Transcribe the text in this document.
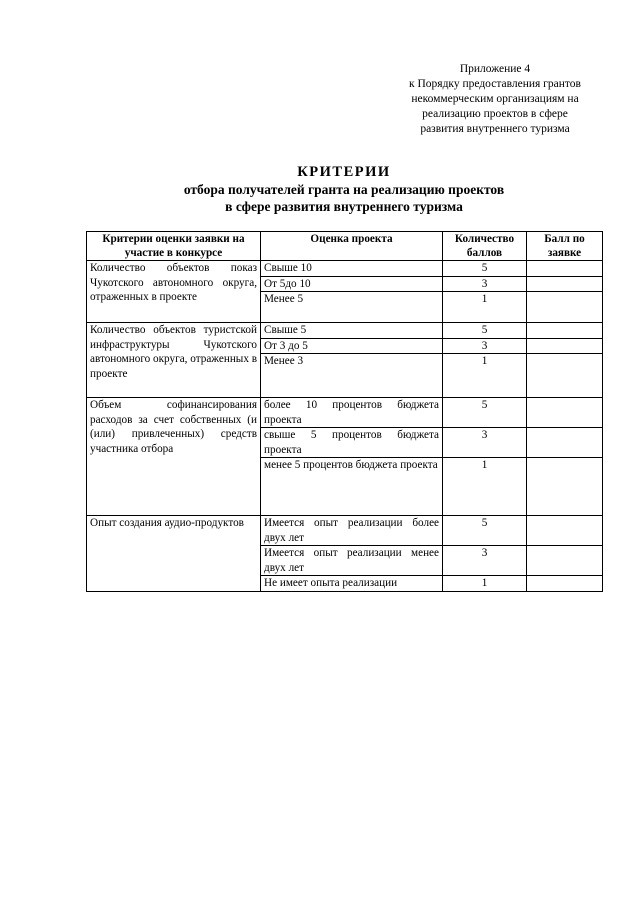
Приложение 4
к Порядку предоставления грантов
некоммерческим организациям на
реализацию проектов в сфере
развития внутреннего туризма
КРИТЕРИИ
отбора получателей гранта на реализацию проектов
в сфере развития внутреннего туризма
Критерии оценки заявки на участие в конкурсе	Оценка проекта	Количество баллов	Балл по заявке
Количество объектов показ Чукотского автономного округа, отраженных в проекте	Свыше 10	5	
	От 5до 10	3	
	Менее 5	1	
Количество объектов туристской инфраструктуры Чукотского автономного округа, отраженных в проекте	Свыше 5	5	
	От 3 до 5	3	
	Менее 3	1	
Объем софинансирования расходов за счет собственных (и (или) привлеченных) средств участника отбора	более 10 процентов бюджета проекта	5	
	свыше 5 процентов бюджета проекта	3	
	менее 5 процентов бюджета проекта	1	
Опыт создания аудио-продуктов	Имеется опыт реализации более двух лет	5	
	Имеется опыт реализации менее двух лет	3	
	Не имеет опыта реализации	1	
